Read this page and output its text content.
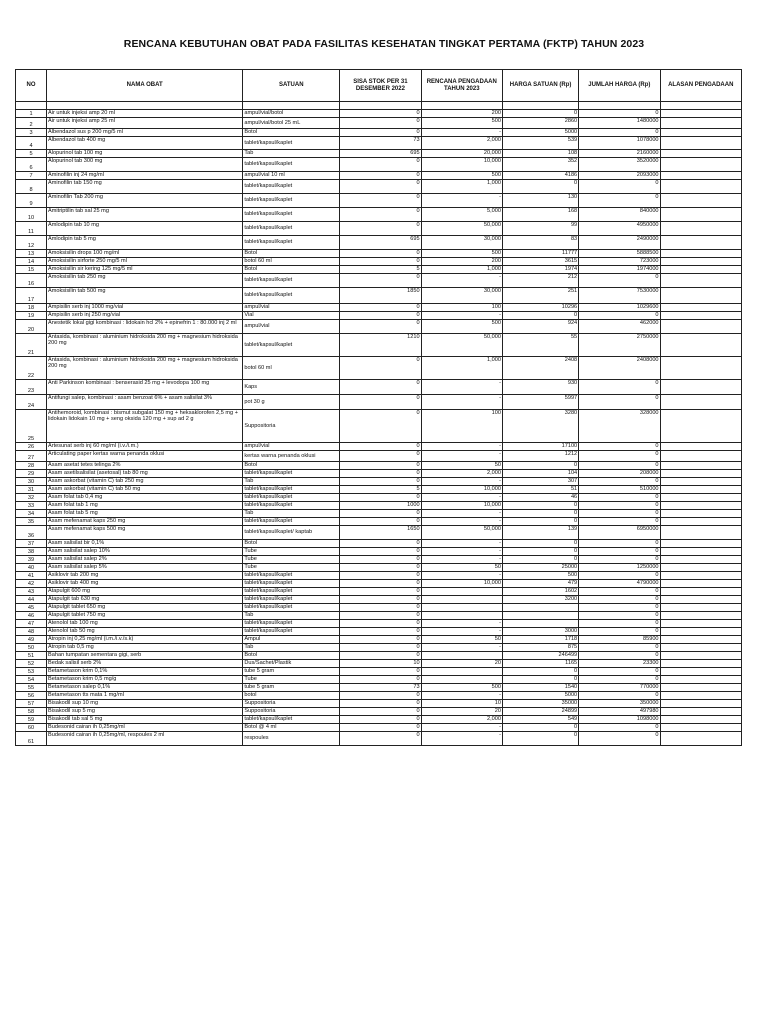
RENCANA KEBUTUHAN OBAT PADA FASILITAS KESEHATAN TINGKAT PERTAMA (FKTP) TAHUN 2023
NO	NAMA OBAT	SATUAN	SISA STOK PER 31 DESEMBER 2022	RENCANA PENGADAAN TAHUN 2023	HARGA SATUAN (Rp)	JUMLAH HARGA (Rp)	ALASAN PENGADAAN

1	Air untuk injeksi amp 20 ml	ampul/vial/botol	0	200	0	0	
2	Air untuk injeksi amp 25 ml	ampul/vial/botol 25 mL	0	500	2860	1480000	
3	Albendazol sus p 200 mg/5 ml	Botol	0	-	5000	0	
4	Albendazol tab 400 mg	tablet/kapsul/kaplet	73	2,000	539	1078000	
5	Alopurinol tab 100 mg	Tab	695	20,000	108	2160000	
6	Alopurinol tab 300 mg	tablet/kapsul/kaplet	0	10,000	352	3520000	
7	Aminofilin inj 24 mg/ml	ampul/vial 10 ml	0	500	4186	2093000	
8	Aminofilin tab 150 mg	tablet/kapsul/kaplet	0	1,000	0	0	
9	Aminofilin Tab 200 mg	tablet/kapsul/kaplet	0	-	130	0	
10	Amitriptilin tab sal 25 mg	tablet/kapsul/kaplet	0	5,000	168	840000	
11	Amlodipin tab 10 mg	tablet/kapsul/kaplet	0	50,000	99	4950000	
12	Amlodipin tab 5 mg	tablet/kapsul/kaplet	695	30,000	83	2490000	
13	Amoksisilin drops 100 mg/ml	Botol	0	500	11777	5888500	
14	Amoksisilin sirforte 250 mg/5 ml	botol 60 ml	0	200	3615	723000	
15	Amoksisilin sir kering 125 mg/5 ml	Botol	5	1,000	1974	1974000	
16	Amoksisilin tab 250 mg	tablet/kapsul/kaplet	0	-	212	0	
17	Amoksisilin tab 500 mg	tablet/kapsul/kaplet	1850	30,000	251	7530000	
18	Ampisilin serb inj 1000 mg/vial	ampul/vial	0	100	10296	1029600	
19	Ampisilin serb inj 250 mg/vial	Vial	0	-	0	0	
20	Anestetik lokal gigi kombinasi : lidokain hcl 2% + epinefrin 1 : 80.000 inj 2 ml	ampul/vial	0	500	924	462000	
21	Antasida, kombinasi : aluminium hidroksida 200 mg + magnesium hidroksida 200 mg	tablet/kapsul/kaplet	1210	50,000	55	2750000	
22	Antasida, kombinasi : aluminium hidroksida 200 mg + magnesium hidroksida 200 mg	botol 60 ml	0	1,000	2408	2408000	
23	Anti Parkinson kombinasi : benserasid 25 mg + levodopa 100 mg	Kaps	0	-	930	0	
24	Antifungi salep, kombinasi : asam benzoat 6% + asam salisilat 3%	pot 30 g	0	-	5997	0	
25	Antihemoroid, kombinasi : bismut subgalat 150 mg + heksaklorofen 2,5 mg + lidokain lidokain 10 mg + seng oksida 120 mg + sup ad 2 g	Suppositoria	0	100	3280	328000	
26	Artesunat serb inj 60 mg/ml (i.v./i.m.)	ampul/vial	0	-	17100	0	
27	Articulating paper kertas warna penanda oklusi	kertas warna penanda oklusi	0	-	1212	0	
28	Asam asetat tetes telinga 2%	Botol	0	50	0	0	
29	Asam asetilsalisilat (asetosal) tab 80 mg	tablet/kapsul/kaplet	0	2,000	104	208000	
30	Asam askorbat (vitamin C) tab 250 mg	Tab	0	-	307	0	
31	Asam askorbat (vitamin C) tab 50 mg	tablet/kapsul/kaplet	5	10,000	51	510000	
32	Asam folat tab 0,4 mg	tablet/kapsul/kaplet	0	-	46	0	
33	Asam folat tab 1 mg	tablet/kapsul/kaplet	1000	10,000	0	0	
34	Asam folat tab 5 mg	Tab	0	-	0	0	
35	Asam mefenamat kaps 250 mg	tablet/kapsul/kaplet	0	-	0	0	
36	Asam mefenamat kaps 500 mg	tablet/kapsul/kaplet/ kaptab	1650	50,000	139	6950000	
37	Asam salisilat bir 0,1%	Botol	0	-	0	0	
38	Asam salisilat salep 10%	Tube	0	-	0	0	
39	Asam salisilat salep 2%	Tube	0	-	0	0	
40	Asam salisilat salep 5%	Tube	0	50	25000	1250000	
41	Asiklovir tab 200 mg	tablet/kapsul/kaplet	0	-	500	0	
42	Asiklovir tab 400 mg	tablet/kapsul/kaplet	0	10,000	479	4790000	
43	Atapulgit 600 mg	tablet/kapsul/kaplet	0		1602	0	
44	Atapulgit tab 630 mg	tablet/kapsul/kaplet	0		3200	0	
45	Atapulgit tablet 650 mg	tablet/kapsul/kaplet	0			0	
46	Atapulgit tablet 750 mg	Tab	0			0	
47	Atenolol tab 100 mg	tablet/kapsul/kaplet	0	-		0	
48	Atenolol tab 50 mg	tablet/kapsul/kaplet	0	-	3000	0	
49	Atropin inj 0,25 mg/ml (i.m./i.v./s.k)	Ampul	0	50	1718	85900	
50	Atropin tab 0,5 mg	Tab	0	-	875	0	
51	Bahan tumpatan sementara gigi, serb	Botol	0		246499	0	
52	Bedak salisil serb 2%	Dus/Sachet/Plastik	10	20	1165	23300	
53	Betametason krim 0,1%	tube 5 gram	0		0	0	
54	Betametason krim 0,5 mg/g	Tube	0		0	0	
55	Betametason salep 0,1%	tube 5 gram	73	500	1540	770000	
56	Betametason tts mata 1 mg/ml	botol	0	-	5000	0	
57	Bisakodil sup 10 mg	Suppositoria	0	10	35000	350000	
58	Bisakodil sup 5 mg	Suppositoria	0	20	24899	497980	
59	Bisakodil tab sal 5 mg	tablet/kapsul/kaplet	0	2,000	549	1098000	
60	Budesonid cairan ih 0,25mg/ml	Botol @ 4 ml	0	-	0	0	
61	Budesonid cairan ih 0,25mg/ml, respoules 2 ml	respoules	0	-	0	0	
